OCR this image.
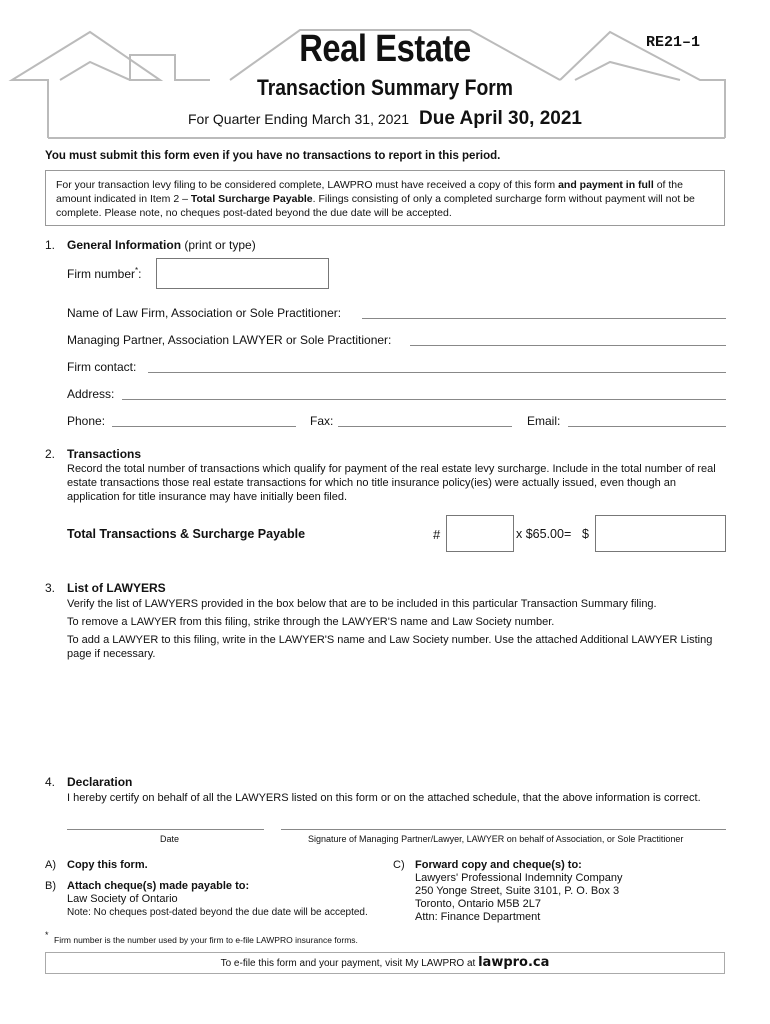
Real Estate
Transaction Summary Form
For Quarter Ending March 31, 2021 Due April 30, 2021
RE21–1
You must submit this form even if you have no transactions to report in this period.
For your transaction levy filing to be considered complete, LAWPRO must have received a copy of this form and payment in full of the amount indicated in Item 2 – Total Surcharge Payable. Filings consisting of only a completed surcharge form without payment will not be complete. Please note, no cheques post-dated beyond the due date will be accepted.
1. General Information (print or type)
Firm number*:
Name of Law Firm, Association or Sole Practitioner:
Managing Partner, Association LAWYER or Sole Practitioner:
Firm contact:
Address:
Phone:	Fax:	Email:
2. Transactions
Record the total number of transactions which qualify for payment of the real estate levy surcharge. Include in the total number of real estate transactions those real estate transactions for which no title insurance policy(ies) were actually issued, even though an application for title insurance may have initially been filed.
Total Transactions & Surcharge Payable	#	x $65.00= $
3. List of LAWYERS
Verify the list of LAWYERS provided in the box below that are to be included in this particular Transaction Summary filing.
To remove a LAWYER from this filing, strike through the LAWYER'S name and Law Society number.
To add a LAWYER to this filing, write in the LAWYER'S name and Law Society number. Use the attached Additional LAWYER Listing page if necessary.
4. Declaration
I hereby certify on behalf of all the LAWYERS listed on this form or on the attached schedule, that the above information is correct.
Date	Signature of Managing Partner/Lawyer, LAWYER on behalf of Association, or Sole Practitioner
A) Copy this form.
B) Attach cheque(s) made payable to:
Law Society of Ontario
Note: No cheques post-dated beyond the due date will be accepted.
C) Forward copy and cheque(s) to:
Lawyers' Professional Indemnity Company
250 Yonge Street, Suite 3101, P. O. Box 3
Toronto, Ontario M5B 2L7
Attn: Finance Department
* Firm number is the number used by your firm to e-file LAWPRO insurance forms.
To e-file this form and your payment, visit My LAWPRO at lawpro.ca
